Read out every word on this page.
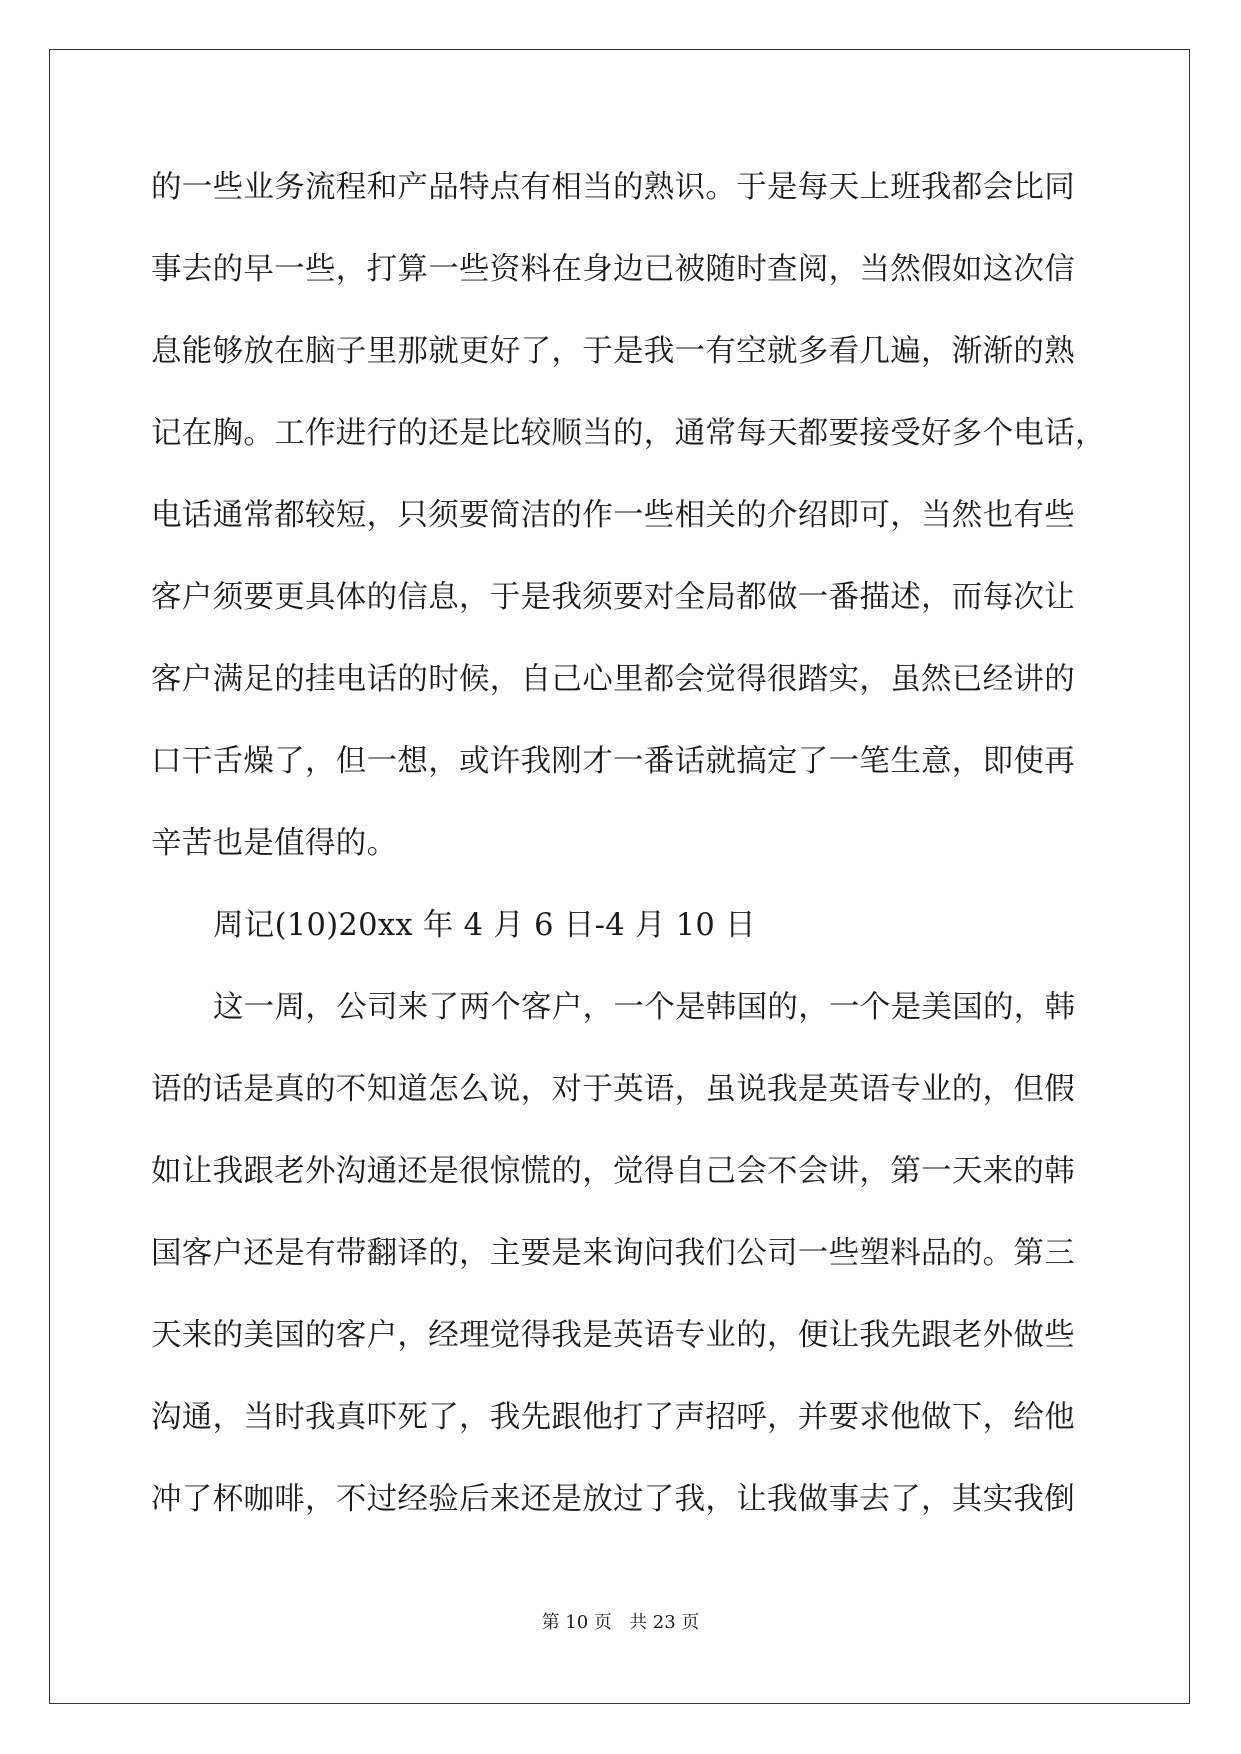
的一些业务流程和产品特点有相当的熟识。于是每天上班我都会比同
事去的早一些，打算一些资料在身边已被随时查阅，当然假如这次信
息能够放在脑子里那就更好了，于是我一有空就多看几遍，渐渐的熟
记在胸。工作进行的还是比较顺当的，通常每天都要接受好多个电话，
电话通常都较短，只须要简洁的作一些相关的介绍即可，当然也有些
客户须要更具体的信息，于是我须要对全局都做一番描述，而每次让
客户满足的挂电话的时候，自己心里都会觉得很踏实，虽然已经讲的
口干舌燥了，但一想，或许我刚才一番话就搞定了一笔生意，即使再
辛苦也是值得的。
周记(10)20xx 年 4 月 6 日-4 月 10 日
这一周，公司来了两个客户，一个是韩国的，一个是美国的，韩
语的话是真的不知道怎么说，对于英语，虽说我是英语专业的，但假
如让我跟老外沟通还是很惊慌的，觉得自己会不会讲，第一天来的韩
国客户还是有带翻译的，主要是来询问我们公司一些塑料品的。第三
天来的美国的客户，经理觉得我是英语专业的，便让我先跟老外做些
沟通，当时我真吓死了，我先跟他打了声招呼，并要求他做下，给他
冲了杯咖啡，不过经验后来还是放过了我，让我做事去了，其实我倒
第 10 页   共 23 页
